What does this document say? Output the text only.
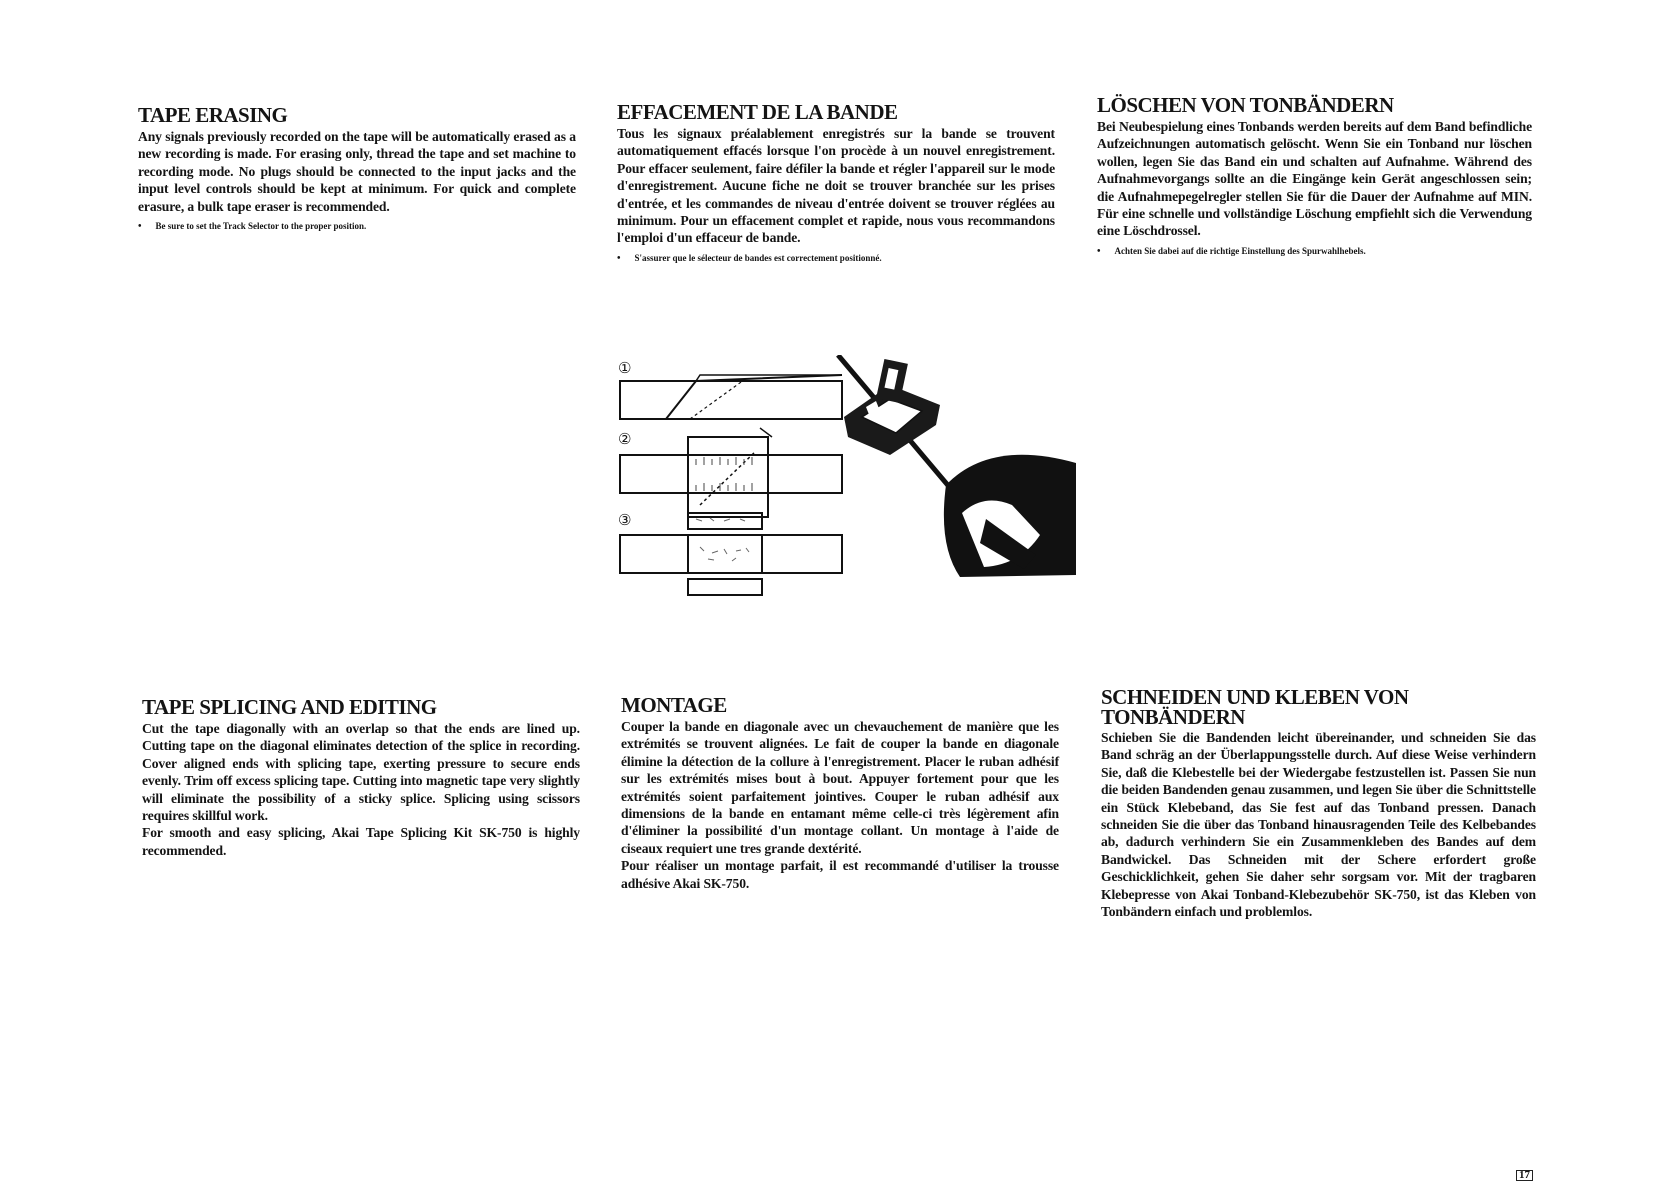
TAPE ERASING

Any signals previously recorded on the tape will be automatically erased as a new recording is made. For erasing only, thread the tape and set machine to recording mode. No plugs should be connected to the input jacks and the input level controls should be kept at minimum. For quick and complete erasure, a bulk tape eraser is recommended.

• Be sure to set the Track Selector to the proper position.
EFFACEMENT DE LA BANDE

Tous les signaux préalablement enregistrés sur la bande se trouvent automatiquement effacés lorsque l'on procède à un nouvel enregistrement. Pour effacer seulement, faire défiler la bande et régler l'appareil sur le mode d'enregistrement. Aucune fiche ne doit se trouver branchée sur les prises d'entrée, et les commandes de niveau d'entrée doivent se trouver réglées au minimum. Pour un effacement complet et rapide, nous vous recommandons l'emploi d'un effaceur de bande.

• S'assurer que le sélecteur de bandes est correctement positionné.
LÖSCHEN VON TONBÄNDERN

Bei Neubespielung eines Tonbands werden bereits auf dem Band befindliche Aufzeichnungen automatisch gelöscht. Wenn Sie ein Tonband nur löschen wollen, legen Sie das Band ein und schalten auf Aufnahme. Während des Aufnahmevorgangs sollte an die Eingänge kein Gerät angeschlossen sein; die Aufnahmepegelregler stellen Sie für die Dauer der Aufnahme auf MIN. Für eine schnelle und vollständige Löschung empfiehlt sich die Verwendung eine Löschdrossel.

• Achten Sie dabei auf die richtige Einstellung des Spurwahlhebels.
①
②
③
TAPE SPLICING AND EDITING

Cut the tape diagonally with an overlap so that the ends are lined up. Cutting tape on the diagonal eliminates detection of the splice in recording. Cover aligned ends with splicing tape, exerting pressure to secure ends evenly. Trim off excess splicing tape. Cutting into magnetic tape very slightly will eliminate the possibility of a sticky splice. Splicing using scissors requires skillful work.

For smooth and easy splicing, Akai Tape Splicing Kit SK-750 is highly recommended.

MONTAGE

Couper la bande en diagonale avec un chevauchement de manière que les extrémités se trouvent alignées. Le fait de couper la bande en diagonale élimine la détection de la collure à l'enregistrement. Placer le ruban adhésif sur les extrémités mises bout à bout. Appuyer fortement pour que les extrémités soient parfaitement jointives. Couper le ruban adhésif aux dimensions de la bande en entamant même celle-ci très légèrement afin d'éliminer la possibilité d'un montage collant. Un montage à l'aide de ciseaux requiert une tres grande dextérité.

Pour réaliser un montage parfait, il est recommandé d'utiliser la trousse adhésive Akai SK-750.

SCHNEIDEN UND KLEBEN VON TONBÄNDERN

Schieben Sie die Bandenden leicht übereinander, und schneiden Sie das Band schräg an der Überlappungsstelle durch. Auf diese Weise verhindern Sie, daß die Klebestelle bei der Wiedergabe festzustellen ist. Passen Sie nun die beiden Bandenden genau zusammen, und legen Sie über die Schnittstelle ein Stück Klebeband, das Sie fest auf das Tonband pressen. Danach schneiden Sie die über das Tonband hinausragenden Teile des Kelbebandes ab, dadurch verhindern Sie ein Zusammenkleben des Bandes auf dem Bandwickel. Das Schneiden mit der Schere erfordert große Geschicklichkeit, gehen Sie daher sehr sorgsam vor. Mit der tragbaren Klebepresse von Akai Tonband-Klebezubehör SK-750, ist das Kleben von Tonbändern einfach und problemlos.

17
